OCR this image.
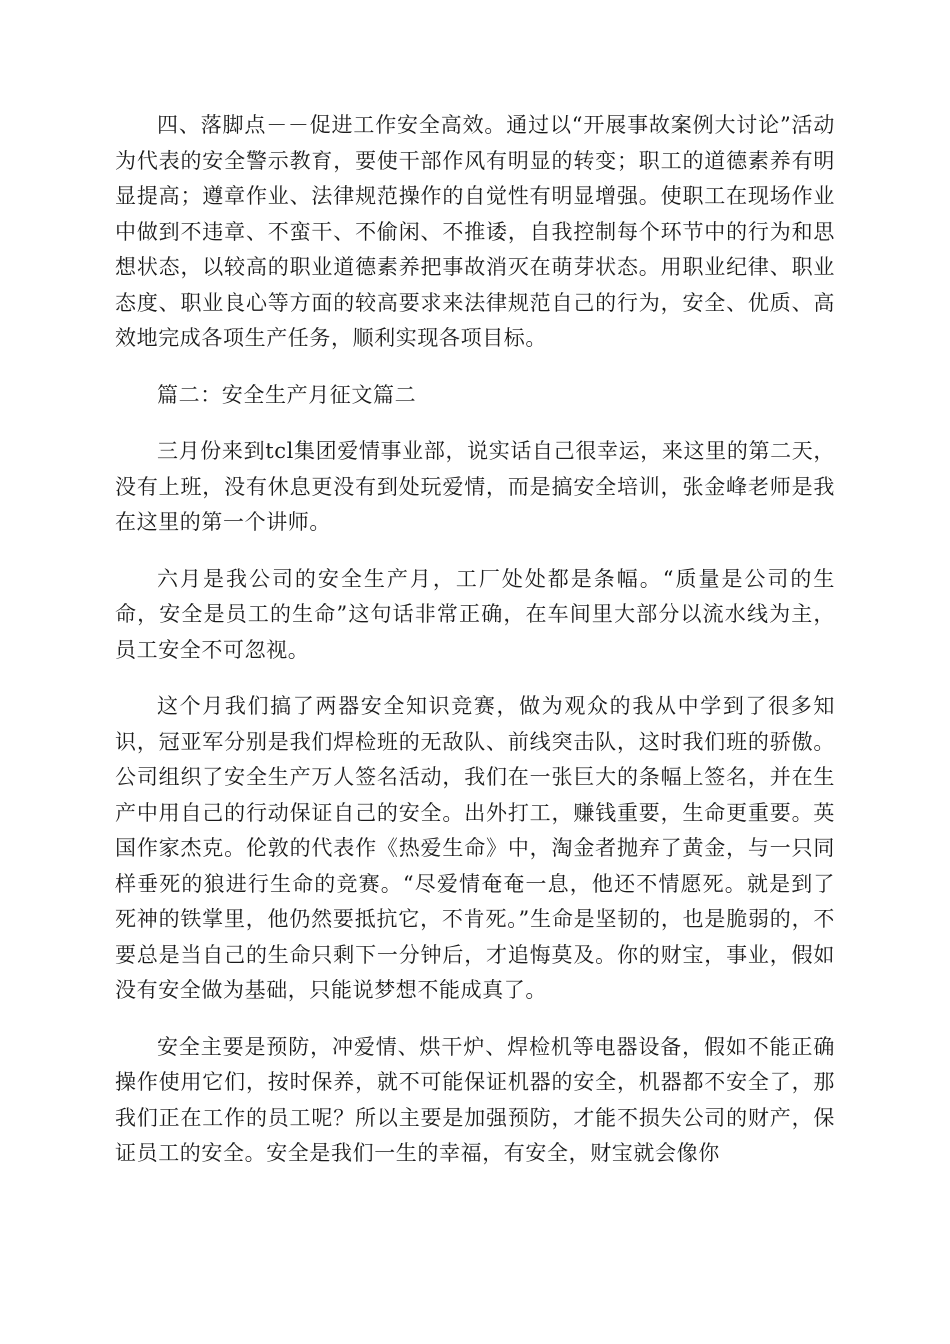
四、落脚点－－促进工作安全高效。通过以“开展事故案例大讨论”活动为代表的安全警示教育，要使干部作风有明显的转变；职工的道德素养有明显提高；遵章作业、法律规范操作的自觉性有明显增强。使职工在现场作业中做到不违章、不蛮干、不偷闲、不推诿，自我控制每个环节中的行为和思想状态，以较高的职业道德素养把事故消灭在萌芽状态。用职业纪律、职业态度、职业良心等方面的较高要求来法律规范自己的行为，安全、优质、高效地完成各项生产任务，顺利实现各项目标。

篇二：安全生产月征文篇二

三月份来到tcl集团爱情事业部，说实话自己很幸运，来这里的第二天，没有上班，没有休息更没有到处玩爱情，而是搞安全培训，张金峰老师是我在这里的第一个讲师。

六月是我公司的安全生产月，工厂处处都是条幅。“质量是公司的生命，安全是员工的生命”这句话非常正确，在车间里大部分以流水线为主，员工安全不可忽视。

这个月我们搞了两器安全知识竞赛，做为观众的我从中学到了很多知识，冠亚军分别是我们焊检班的无敌队、前线突击队，这时我们班的骄傲。公司组织了安全生产万人签名活动，我们在一张巨大的条幅上签名，并在生产中用自己的行动保证自己的安全。出外打工，赚钱重要，生命更重要。英国作家杰克。伦敦的代表作《热爱生命》中，淘金者抛弃了黄金，与一只同样垂死的狼进行生命的竞赛。“尽爱情奄奄一息，他还不情愿死。就是到了死神的铁掌里，他仍然要抵抗它，不肯死。”生命是坚韧的，也是脆弱的，不要总是当自己的生命只剩下一分钟后，才追悔莫及。你的财宝，事业，假如没有安全做为基础，只能说梦想不能成真了。

安全主要是预防，冲爱情、烘干炉、焊检机等电器设备，假如不能正确操作使用它们，按时保养，就不可能保证机器的安全，机器都不安全了，那我们正在工作的员工呢？所以主要是加强预防，才能不损失公司的财产，保证员工的安全。安全是我们一生的幸福，有安全，财宝就会像你
